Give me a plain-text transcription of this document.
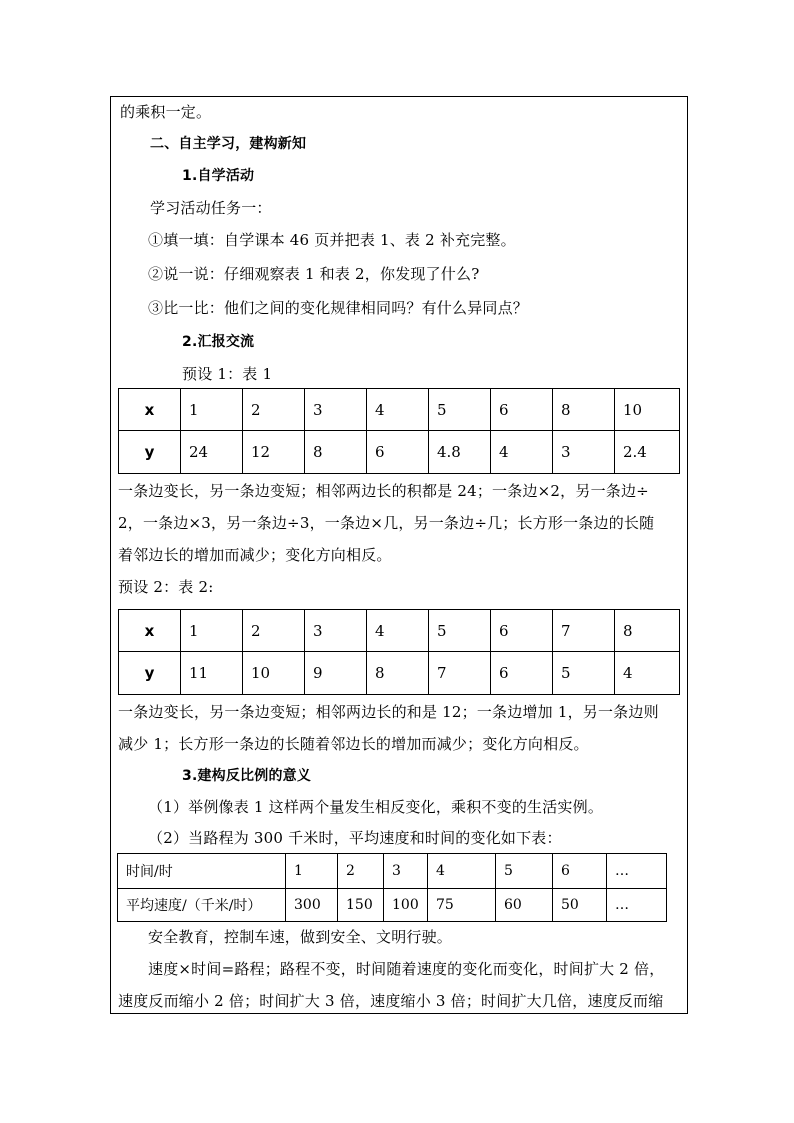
的乘积一定。
二、自主学习，建构新知
1.自学活动
学习活动任务一：
①填一填：自学课本 46 页并把表 1、表 2 补充完整。
②说一说：仔细观察表 1 和表 2，你发现了什么?
③比一比：他们之间的变化规律相同吗？有什么异同点？
2.汇报交流
预设 1：表 1
x	1	2	3	4	5	6	8	10
y	24	12	8	6	4.8	4	3	2.4
一条边变长，另一条边变短；相邻两边长的积都是 24；一条边×2，另一条边÷
2，一条边×3，另一条边÷3，一条边×几，另一条边÷几；长方形一条边的长随
着邻边长的增加而减少；变化方向相反。
预设 2：表 2:
x	1	2	3	4	5	6	7	8
y	11	10	9	8	7	6	5	4
一条边变长，另一条边变短；相邻两边长的和是 12；一条边增加 1，另一条边则
减少 1；长方形一条边的长随着邻边长的增加而减少；变化方向相反。
3.建构反比例的意义
（1）举例像表 1 这样两个量发生相反变化，乘积不变的生活实例。
（2）当路程为 300 千米时，平均速度和时间的变化如下表：
时间/时	1	2	3	4	5	6	…
平均速度/（千米/时）	300	150	100	75	60	50	…
安全教育，控制车速，做到安全、文明行驶。
速度×时间=路程；路程不变，时间随着速度的变化而变化，时间扩大 2 倍，
速度反而缩小 2 倍；时间扩大 3 倍，速度缩小 3 倍；时间扩大几倍，速度反而缩
